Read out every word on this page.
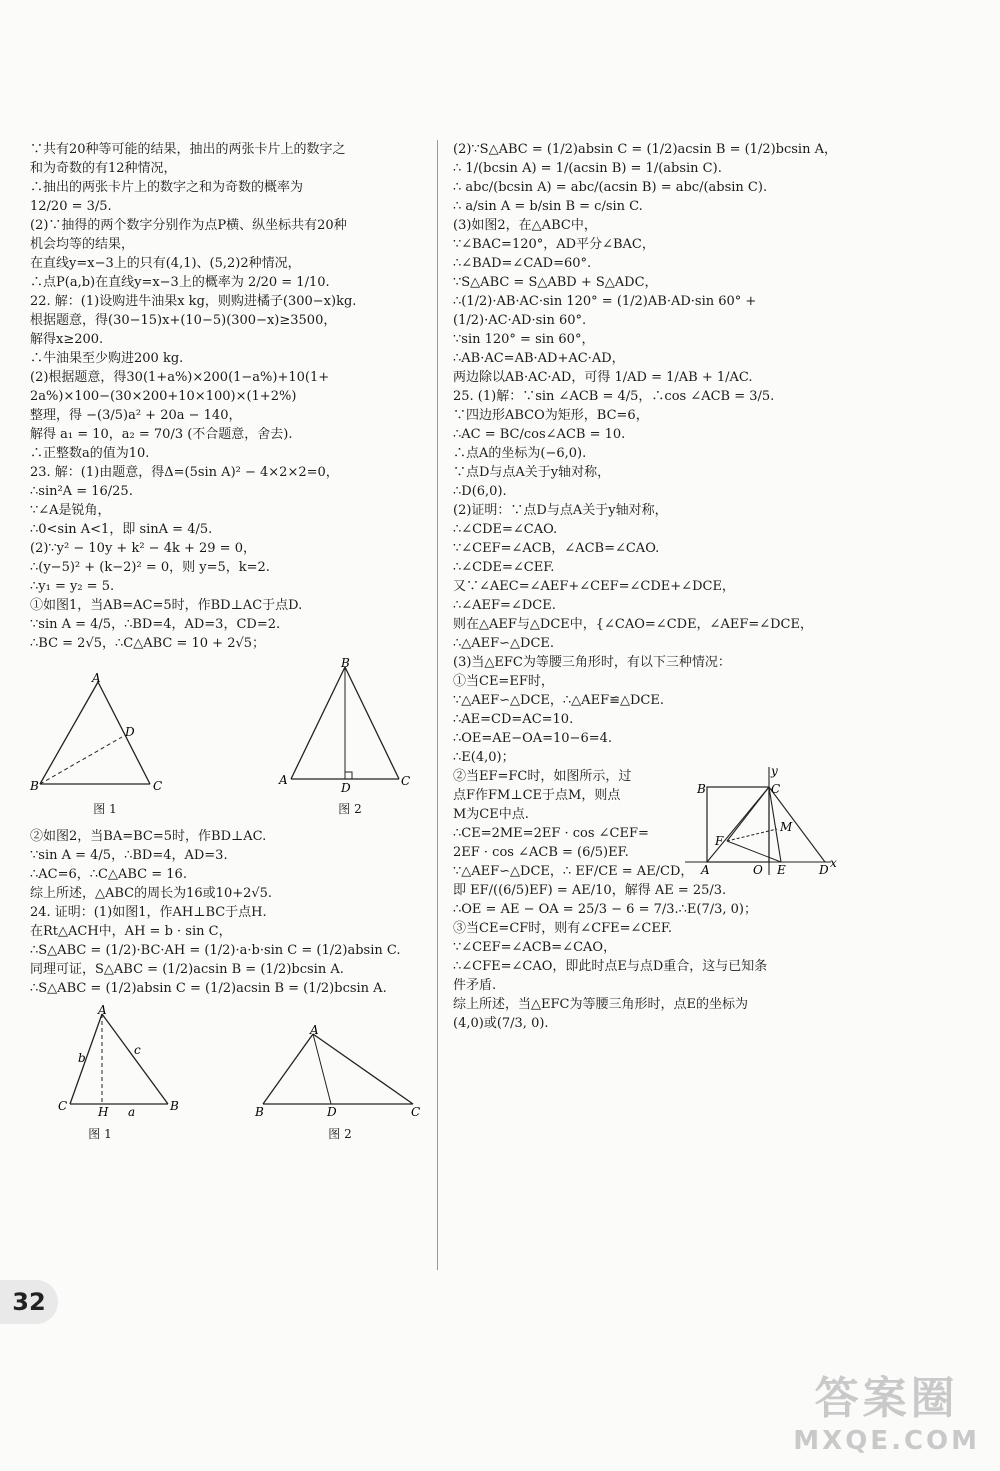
∵共有20种等可能的结果，抽出的两张卡片上的数字之
和为奇数的有12种情况，
∴抽出的两张卡片上的数字之和为奇数的概率为
12/20 = 3/5.
(2)∵抽得的两个数字分别作为点P横、纵坐标共有20种
机会均等的结果，
在直线y=x−3上的只有(4,1)、(5,2)2种情况，
∴点P(a,b)在直线y=x−3上的概率为 2/20 = 1/10.
22. 解：(1)设购进牛油果x kg，则购进橘子(300−x)kg.
根据题意，得(30−15)x+(10−5)(300−x)≥3500，
解得x≥200.
∴牛油果至少购进200 kg.
(2)根据题意，得30(1+a%)×200(1−a%)+10(1+
2a%)×100−(30×200+10×100)×(1+2%)
整理，得 −(3/5)a² + 20a − 140，
解得 a₁ = 10，a₂ = 70/3 (不合题意，舍去).
∴正整数a的值为10.
23. 解：(1)由题意，得Δ=(5sin A)² − 4×2×2=0，
∴sin²A = 16/25.
∵∠A是锐角，
∴0<sin A<1，即 sinA = 4/5.
(2)∵y² − 10y + k² − 4k + 29 = 0，
∴(y−5)² + (k−2)² = 0，则 y=5，k=2.
∴y₁ = y₂ = 5.
①如图1，当AB=AC=5时，作BD⊥AC于点D.
∵sin A = 4/5，∴BD=4，AD=3，CD=2.
∴BC = 2√5，∴C△ABC = 10 + 2√5；
A
B	C
D
图 1
B
A	C
D
图 2
②如图2，当BA=BC=5时，作BD⊥AC.
∵sin A = 4/5，∴BD=4，AD=3.
∴AC=6，∴C△ABC = 16.
综上所述，△ABC的周长为16或10+2√5.
24. 证明：(1)如图1，作AH⊥BC于点H.
在Rt△ACH中，AH = b · sin C，
∴S△ABC = (1/2)·BC·AH = (1/2)·a·b·sin C = (1/2)absin C.
同理可证，S△ABC = (1/2)acsin B = (1/2)bcsin A.
∴S△ABC = (1/2)absin C = (1/2)acsin B = (1/2)bcsin A.
A
C	B
H a
b
c
图 1
A
B	D	C
图 2
(2)∵S△ABC = (1/2)absin C = (1/2)acsin B = (1/2)bcsin A，
∴ 1/(bcsin A) = 1/(acsin B) = 1/(absin C).
∴ abc/(bcsin A) = abc/(acsin B) = abc/(absin C).
∴ a/sin A = b/sin B = c/sin C.
(3)如图2，在△ABC中，
∵∠BAC=120°，AD平分∠BAC，
∴∠BAD=∠CAD=60°.
∵S△ABC = S△ABD + S△ADC，
∴(1/2)·AB·AC·sin 120° = (1/2)AB·AD·sin 60° +
(1/2)·AC·AD·sin 60°.
∵sin 120° = sin 60°，
∴AB·AC=AB·AD+AC·AD，
两边除以AB·AC·AD，可得 1/AD = 1/AB + 1/AC.
25. (1)解：∵sin ∠ACB = 4/5，∴cos ∠ACB = 3/5.
∵四边形ABCO为矩形，BC=6，
∴AC = BC/cos∠ACB = 10.
∴点A的坐标为(−6,0).
∵点D与点A关于y轴对称，
∴D(6,0).
(2)证明：∵点D与点A关于y轴对称，
∴∠CDE=∠CAO.
∵∠CEF=∠ACB，∠ACB=∠CAO.
∴∠CDE=∠CEF.
又∵∠AEC=∠AEF+∠CEF=∠CDE+∠DCE，
∴∠AEF=∠DCE.
则在△AEF与△DCE中，{∠CAO=∠CDE，∠AEF=∠DCE，
∴△AEF∽△DCE.
(3)当△EFC为等腰三角形时，有以下三种情况：
①当CE=EF时，
∵△AEF∽△DCE，∴△AEF≌△DCE.
∴AE=CD=AC=10.
∴OE=AE−OA=10−6=4.
∴E(4,0)；
②当EF=FC时，如图所示，过
点F作FM⊥CE于点M，则点
M为CE中点.
∴CE=2ME=2EF · cos ∠CEF=
2EF · cos ∠ACB = (6/5)EF.
∵△AEF∽△DCE，∴ EF/CE = AE/CD，
即 EF/((6/5)EF) = AE/10，解得 AE = 25/3.
∴OE = AE − OA = 25/3 − 6 = 7/3.∴E(7/3, 0)；
③当CE=CF时，则有∠CFE=∠CEF.
∵∠CEF=∠ACB=∠CAO，
∴∠CFE=∠CAO，即此时点E与点D重合，这与已知条
件矛盾.
综上所述，当△EFC为等腰三角形时，点E的坐标为
(4,0)或(7/3, 0).
B	C
y
F
M
A	O E	D x
32
答案圈
MXQE.COM
